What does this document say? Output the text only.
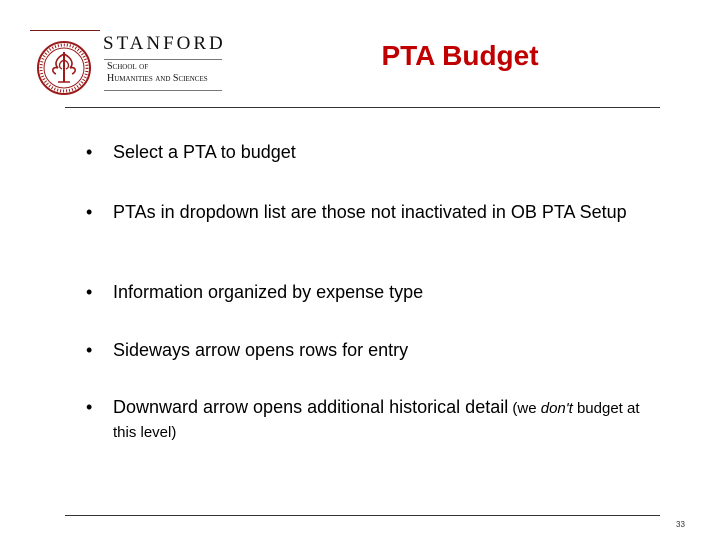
STANFORD
School of
Humanities and Sciences
PTA Budget
• Select a PTA to budget
• PTAs in dropdown list are those not inactivated in OB PTA Setup
• Information organized by expense type
• Sideways arrow opens rows for entry
• Downward arrow opens additional historical detail (we don't budget at this level)
33
